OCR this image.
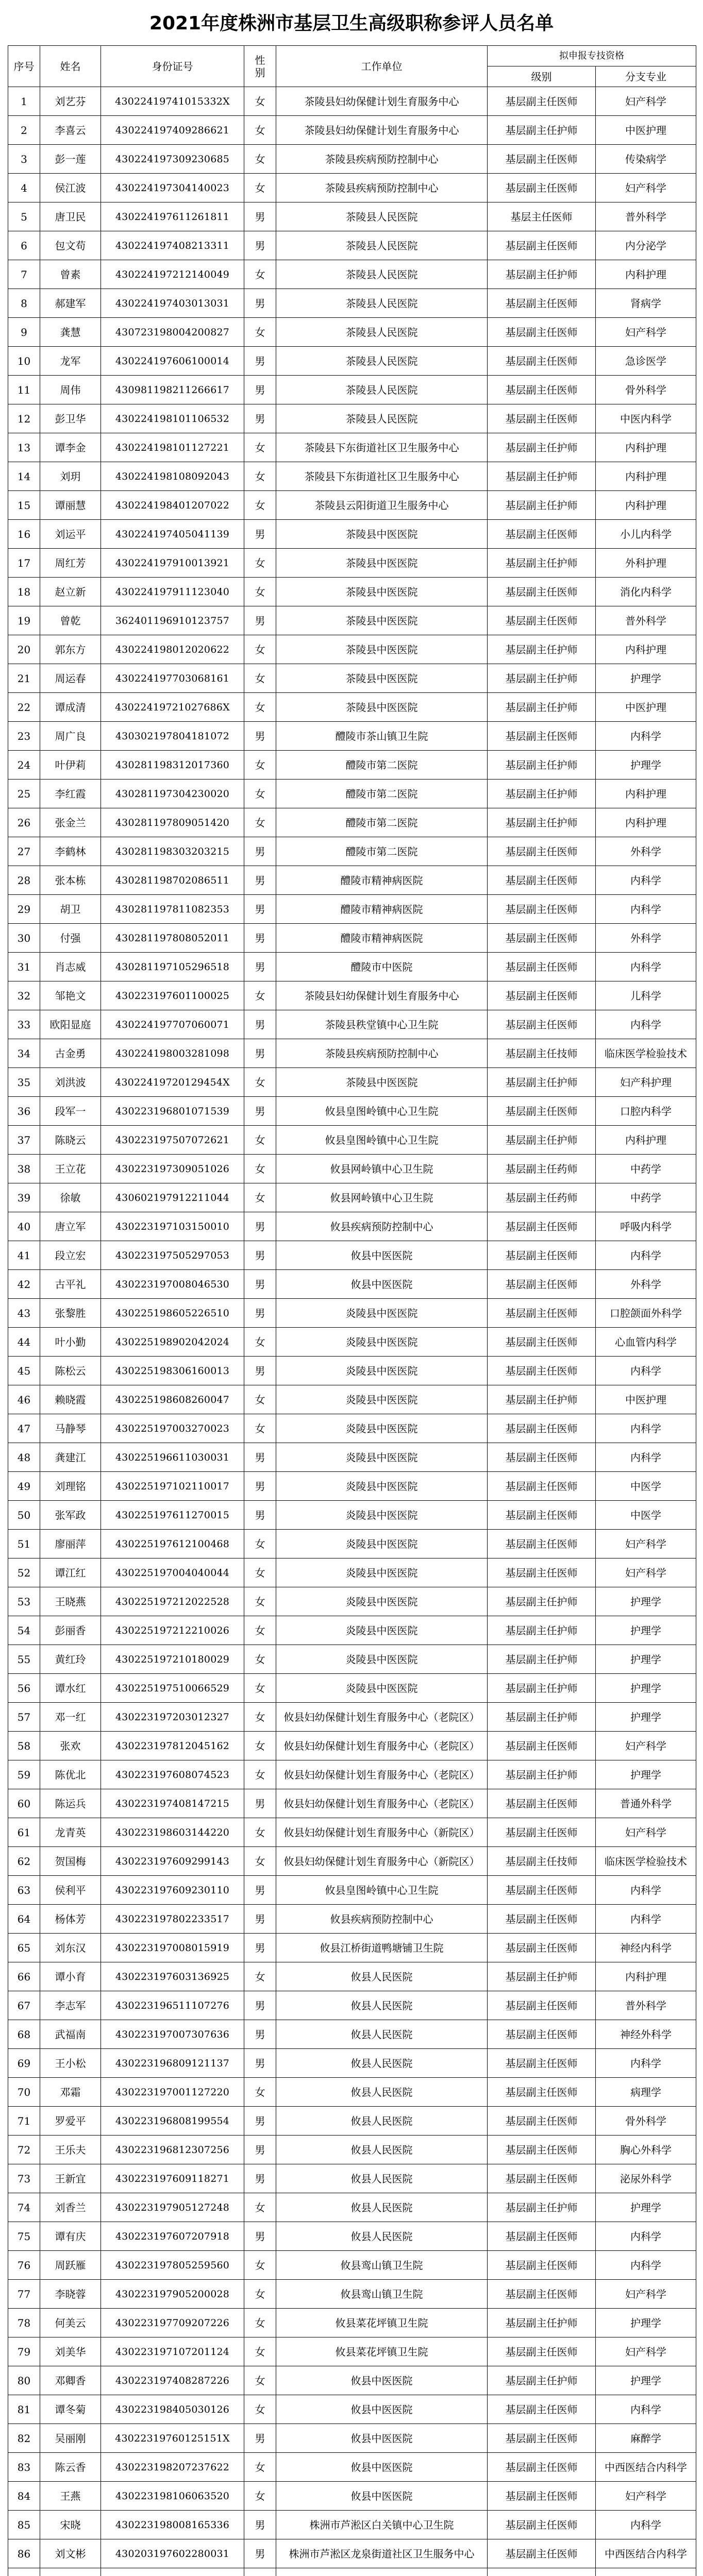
2021年度株洲市基层卫生高级职称参评人员名单
序号	姓名	身份证号	性别	工作单位	拟申报专技资格	
					级别	分支专业
1	刘艺芬	43022419741015332X	女	茶陵县妇幼保健计划生育服务中心	基层副主任医师	妇产科学
2	李喜云	430224197409286621	女	茶陵县妇幼保健计划生育服务中心	基层副主任护师	中医护理
3	彭一莲	430224197309230685	女	茶陵县疾病预防控制中心	基层副主任医师	传染病学
4	侯江波	430224197304140023	女	茶陵县疾病预防控制中心	基层副主任医师	妇产科学
5	唐卫民	430224197611261811	男	茶陵县人民医院	基层主任医师	普外科学
6	包文苟	430224197408213311	男	茶陵县人民医院	基层副主任医师	内分泌学
7	曾素	430224197212140049	女	茶陵县人民医院	基层副主任护师	内科护理
8	郝建军	430224197403013031	男	茶陵县人民医院	基层副主任医师	肾病学
9	龚慧	430723198004200827	女	茶陵县人民医院	基层副主任医师	妇产科学
10	龙军	430224197606100014	男	茶陵县人民医院	基层副主任医师	急诊医学
11	周伟	430981198211266617	男	茶陵县人民医院	基层副主任医师	骨外科学
12	彭卫华	430224198101106532	男	茶陵县人民医院	基层副主任医师	中医内科学
13	谭李金	430224198101127221	女	茶陵县下东街道社区卫生服务中心	基层副主任护师	内科护理
14	刘玥	430224198108092043	女	茶陵县下东街道社区卫生服务中心	基层副主任护师	内科护理
15	谭丽慧	430224198401207022	女	茶陵县云阳街道卫生服务中心	基层副主任护师	内科护理
16	刘运平	430224197405041139	男	茶陵县中医医院	基层副主任医师	小儿内科学
17	周红芳	430224197910013921	女	茶陵县中医医院	基层副主任护师	外科护理
18	赵立新	430224197911123040	女	茶陵县中医医院	基层副主任医师	消化内科学
19	曾乾	362401196910123757	男	茶陵县中医医院	基层副主任医师	普外科学
20	郭东方	430224198012020622	女	茶陵县中医医院	基层副主任护师	内科护理
21	周运春	430224197703068161	女	茶陵县中医医院	基层副主任护师	护理学
22	谭成清	43022419721027686X	女	茶陵县中医医院	基层副主任护师	中医护理
23	周广良	430302197804181072	男	醴陵市茶山镇卫生院	基层副主任医师	内科学
24	叶伊莉	430281198312017360	女	醴陵市第二医院	基层副主任护师	护理学
25	李红霞	430281197304230020	女	醴陵市第二医院	基层副主任护师	内科护理
26	张金兰	430281197809051420	女	醴陵市第二医院	基层副主任护师	内科护理
27	李鹤林	430281198303203215	男	醴陵市第二医院	基层副主任医师	外科学
28	张本栋	430281198702086511	男	醴陵市精神病医院	基层副主任医师	内科学
29	胡卫	430281197811082353	男	醴陵市精神病医院	基层副主任医师	内科学
30	付强	430281197808052011	男	醴陵市精神病医院	基层副主任医师	外科学
31	肖志威	430281197105296518	男	醴陵市中医院	基层副主任医师	内科学
32	邹艳文	430223197601100025	女	茶陵县妇幼保健计划生育服务中心	基层副主任医师	儿科学
33	欧阳显庭	430224197707060071	男	茶陵县秩堂镇中心卫生院	基层副主任医师	内科学
34	古金勇	430224198003281098	男	茶陵县疾病预防控制中心	基层副主任技师	临床医学检验技术
35	刘洪波	43022419720129454X	女	茶陵县中医医院	基层副主任护师	妇产科护理
36	段军一	430223196801071539	男	攸县皇图岭镇中心卫生院	基层副主任医师	口腔内科学
37	陈晓云	430223197507072621	女	攸县皇图岭镇中心卫生院	基层副主任护师	内科护理
38	王立花	430223197309051026	女	攸县网岭镇中心卫生院	基层副主任药师	中药学
39	徐敏	430602197912211044	女	攸县网岭镇中心卫生院	基层副主任药师	中药学
40	唐立军	430223197103150010	男	攸县疾病预防控制中心	基层副主任医师	呼吸内科学
41	段立宏	430223197505297053	男	攸县中医医院	基层副主任医师	内科学
42	古平礼	430223197008046530	男	攸县中医医院	基层副主任医师	外科学
43	张黎胜	430225198605226510	男	炎陵县中医医院	基层副主任医师	口腔颌面外科学
44	叶小勤	430225198902042024	女	炎陵县中医医院	基层副主任医师	心血管内科学
45	陈松云	430225198306160013	男	炎陵县中医医院	基层副主任医师	内科学
46	赖晓霞	430225198608260047	女	炎陵县中医医院	基层副主任护师	中医护理
47	马静琴	430225197003270023	女	炎陵县中医医院	基层副主任医师	内科学
48	龚建江	430225196611030031	男	炎陵县中医医院	基层副主任医师	内科学
49	刘理铭	430225197102110017	男	炎陵县中医医院	基层副主任医师	中医学
50	张军政	430225197611270015	男	炎陵县中医医院	基层副主任医师	中医学
51	廖丽萍	430225197612100468	女	炎陵县中医医院	基层副主任医师	妇产科学
52	谭江红	430225197004040044	女	炎陵县中医医院	基层副主任医师	妇产科学
53	王晓燕	430225197212022528	女	炎陵县中医医院	基层副主任护师	护理学
54	彭丽香	430225197212210026	女	炎陵县中医医院	基层副主任护师	护理学
55	黄红玲	430225197210180029	女	炎陵县中医医院	基层副主任护师	护理学
56	谭水红	430225197510066529	女	炎陵县中医医院	基层副主任护师	护理学
57	邓一红	430223197203012327	女	攸县妇幼保健计划生育服务中心（老院区）	基层副主任护师	护理学
58	张欢	430223197812045162	女	攸县妇幼保健计划生育服务中心（老院区）	基层副主任医师	妇产科学
59	陈优北	430223197608074523	女	攸县妇幼保健计划生育服务中心（老院区）	基层副主任护师	护理学
60	陈运兵	430223197408147215	男	攸县妇幼保健计划生育服务中心（老院区）	基层副主任医师	普通外科学
61	龙青英	430223198603144220	女	攸县妇幼保健计划生育服务中心（新院区）	基层副主任医师	妇产科学
62	贺国梅	430223197609299143	女	攸县妇幼保健计划生育服务中心（新院区）	基层副主任技师	临床医学检验技术
63	侯利平	430223197609230110	男	攸县皇图岭镇中心卫生院	基层副主任医师	内科学
64	杨体芳	430223197802233517	男	攸县疾病预防控制中心	基层副主任医师	内科学
65	刘东汉	430223197008015919	男	攸县江桥街道鸭塘铺卫生院	基层副主任医师	神经内科学
66	谭小育	430223197603136925	女	攸县人民医院	基层副主任护师	内科护理
67	李志军	430223196511107276	男	攸县人民医院	基层副主任医师	普外科学
68	武福南	430223197007307636	男	攸县人民医院	基层副主任医师	神经外科学
69	王小松	430223196809121137	男	攸县人民医院	基层副主任医师	内科学
70	邓霜	430223197001127220	女	攸县人民医院	基层副主任医师	病理学
71	罗爱平	430223196808199554	男	攸县人民医院	基层副主任医师	骨外科学
72	王乐夫	430223196812307256	男	攸县人民医院	基层副主任医师	胸心外科学
73	王新宜	430223197609118271	男	攸县人民医院	基层副主任医师	泌尿外科学
74	刘香兰	430223197905127248	女	攸县人民医院	基层副主任护师	护理学
75	谭有庆	430223197607207918	男	攸县人民医院	基层副主任医师	内科学
76	周跃雁	430223197805259560	女	攸县鸾山镇卫生院	基层副主任医师	内科学
77	李晓蓉	430223197905200028	女	攸县鸾山镇卫生院	基层副主任医师	妇产科学
78	何美云	430223197709207226	女	攸县菜花坪镇卫生院	基层副主任护师	护理学
79	刘美华	430223197107201124	女	攸县菜花坪镇卫生院	基层副主任医师	妇产科学
80	邓卿香	430223197408287226	女	攸县中医医院	基层副主任护师	护理学
81	谭冬菊	430223198405030126	女	攸县中医医院	基层副主任医师	内科学
82	吴丽刚	43022319760125151X	男	攸县中医医院	基层副主任医师	麻醉学
83	陈云香	430223198207237622	女	攸县中医医院	基层副主任医师	中西医结合内科学
84	王燕	430223198106063520	女	攸县中医医院	基层副主任医师	妇产科学
85	宋晓	430223198008165336	男	株洲市芦淞区白关镇中心卫生院	基层副主任医师	内科学
86	刘文彬	430203197602280031	男	株洲市芦淞区龙泉街道社区卫生服务中心	基层副主任医师	中西医结合内科学
